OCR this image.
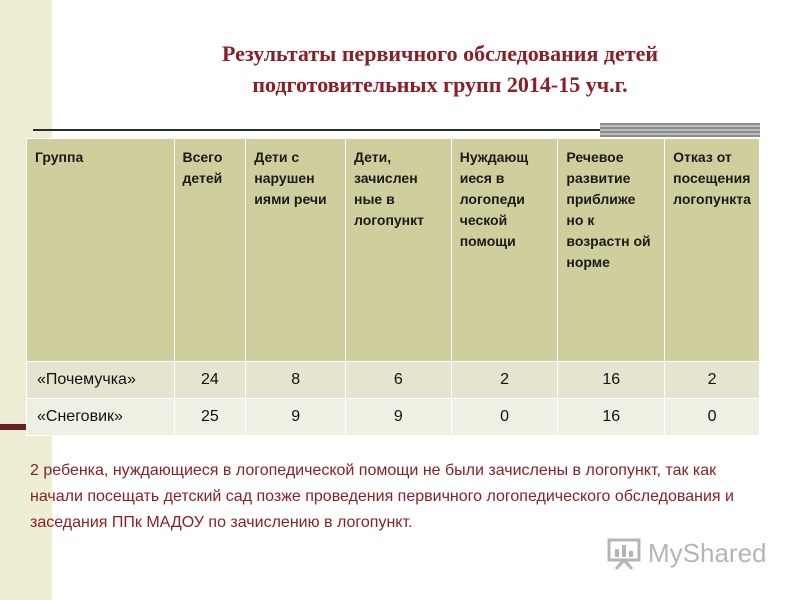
Результаты первичного обследования детей
подготовительных групп 2014-15 уч.г.
Группа	Всего детей	Дети с нарушен иями речи	Дети, зачислен ные в логопункт	Нуждающ иеся в логопеди ческой помощи	Речевое развитие приближе но к возрастн ой норме	Отказ от посещения логопункта
«Почемучка»	24	8	6	2	16	2
«Снеговик»	25	9	9	0	16	0
2 ребенка, нуждающиеся в логопедической помощи не были зачислены в логопункт, так как начали посещать детский сад позже проведения первичного логопедического обследования и заседания ППк МАДОУ по зачислению в логопункт.
MyShared
